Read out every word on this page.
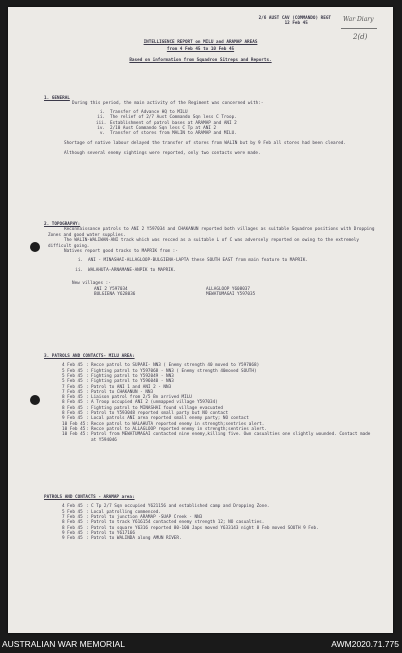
War Diary
2(d)
2/6 AUST CAV (COMMANDO) REGT
12 Feb 45
INTELLIGENCE REPORT on MILU and ARAMAP AREAS
from 4 Feb 45 to 10 Feb 45
Based on information from Squadron Sitreps and Reports.
1. GENERAL
During this period, the main activity of the Regiment was concerned with:-
i.	Transfer of Advance HQ to MILU
ii.	The relief of 2/7 Aust Commando Sqn less C Troop.
iii. Establishment of patrol bases at ARAMAP and ANI 2
iv.	2/10 Aust Commando Sqn less C Tp at ANI 2
v.	Transfer of stores from MALIN to ARAMAP and MILU.
Shortage of native labour delayed the transfer of stores from WALIN but by 9 Feb all stores had been cleared.
Although several enemy sightings were reported, only two contacts were made.
2. TOPOGRAPHY:
Reconnaissance patrols to ANI 2 Y597034 and CHAKANUN reported both villages as suitable Squadron positions with Dropping Zones and good water supplies.
The WALIN-WALIWAN-ANI track which was recced as a suitable L of C was adversely reported on owing to the extremely difficult going.
Natives report good tracks to MAPRIK from :-
i.	ANI - MINASHAI-ALLAGLOOP-BULGIENA-LAPTA these SOUTH EAST from main feature to MAPRIK.
ii.	WALAHUTA-ARNAMANE-ANPIK to MAPRIK.
New villages :-
ANI 2 Y597034	ALLAGLOOP Y608037
BULGIENA Y628036	MEWATUMAGAI Y597035
3. PATROLS AND CONTACTS- MILU AREA:
4 Feb 45	:	Recce patrol to SUPARI- NN3 ( Enemy strength 40 moved to Y597068)
5 Feb 45	:	Fighting patrol to Y597068 - NN3 ( Enemy strength 40moved SOUTH)
5 Feb 45	:	Fighting patrol to Y592049 - NN3
5 Feb 45	:	Fighting patrol to Y596040 - NN3
7 Feb 45	:	Patrol to ANI 1 and ANI 2 - NN3
7 Feb 45	:	Patrol to CHAKANUN - NN3
8 Feb 45	:	Liaison patrol from 2/5 Bn arrived MILU
8 Feb 45	:	A Troop occupied ANI 2 (unmapped village Y597034)
8 Feb 45	:	Fighting patrol to MINASHAI found village evacuated
8 Feb 45	:	Patrol to Y593048 reported small party but NO contact
9 Feb 45	:	Local patrols ANI area reported small enemy party; NO contact
10 Feb 45	:	Recce patrol to WALAHUTA reported enemy in strength;sentries alert.
10 Feb 45	:	Recce patrol to ALLAGLOOP reported enemy in strength;sentries alert.
10 Feb 45	:	Patrol from MEWATUMAGAI contacted nine enemy,killing five. Own casualties one slightly wounded. Contact made at Y594046
PATROLS AND CONTACTS - ARAMAP area:
4 Feb 45	:	C Tp 2/7 Sqn occupied Y621156 and established camp and Dropping Zone.
5 Feb 45	:	Local patrolling commenced.
7 Feb 45	:	Patrol to junction ARAMAP -SUAP Creek - NN3
8 Feb 45	:	Patrol to track Y616154 contacted enemy strength 12; NO casualties.
8 Feb 45	:	Patrol to square Y6316 reported 80-100 Japs moved Y633143 night 8 Feb moved SOUTH 9 Feb.
9 Feb 45	:	Patrol to Y617166
9 Feb 45	:	Patrol to WALINDA along AMUN RIVER.
AUSTRALIAN WAR MEMORIAL	AWM2020.71.775
